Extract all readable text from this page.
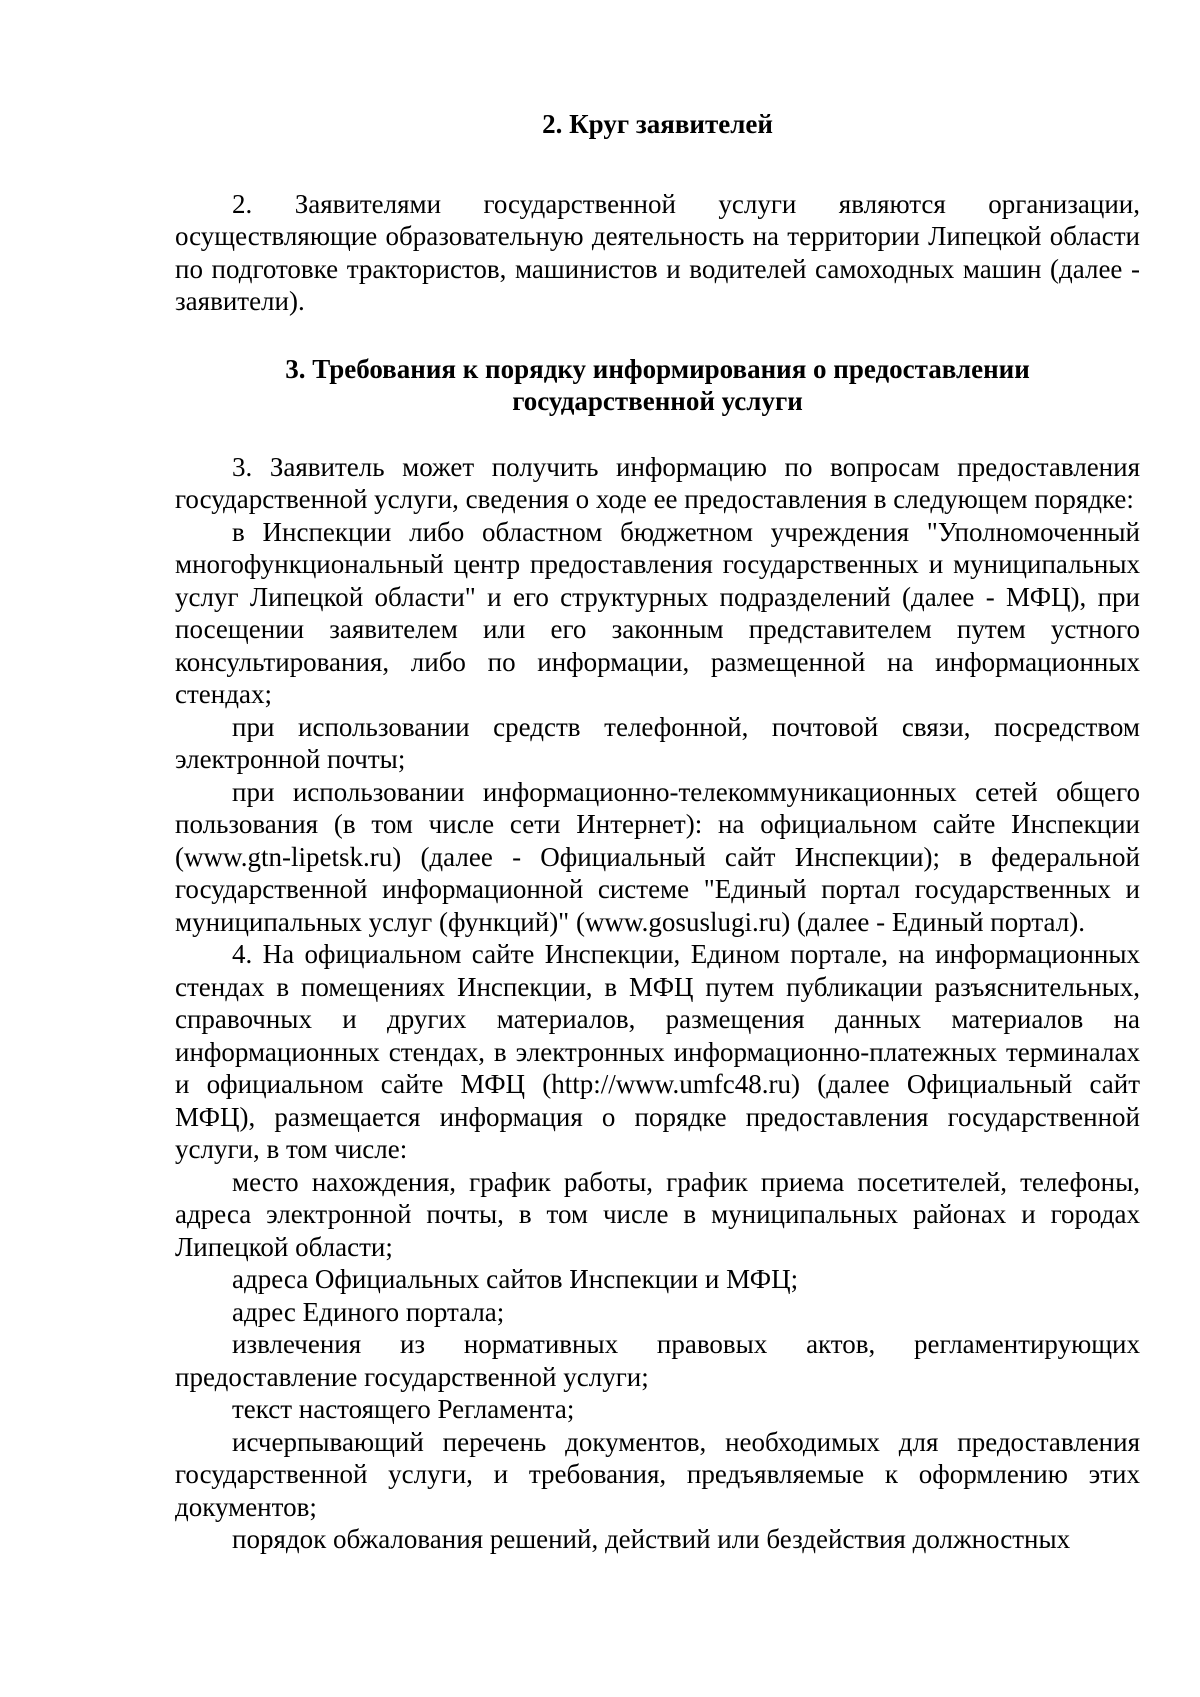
2. Круг заявителей

2. Заявителями государственной услуги являются организации, осуществляющие образовательную деятельность на территории Липецкой области по подготовке трактористов, машинистов и водителей самоходных машин (далее - заявители).

3. Требования к порядку информирования о предоставлении
государственной услуги

3. Заявитель может получить информацию по вопросам предоставления государственной услуги, сведения о ходе ее предоставления в следующем порядке:

в Инспекции либо областном бюджетном учреждения "Уполномоченный многофункциональный центр предоставления государственных и муниципальных услуг Липецкой области" и его структурных подразделений (далее - МФЦ), при посещении заявителем или его законным представителем путем устного консультирования, либо по информации, размещенной на информационных стендах;

при использовании средств телефонной, почтовой связи, посредством электронной почты;

при использовании информационно-телекоммуникационных сетей общего пользования (в том числе сети Интернет): на официальном сайте Инспекции (www.gtn-lipetsk.ru) (далее - Официальный сайт Инспекции); в федеральной государственной информационной системе "Единый портал государственных и муниципальных услуг (функций)" (www.gosuslugi.ru) (далее - Единый портал).

4. На официальном сайте Инспекции, Едином портале, на информационных стендах в помещениях Инспекции, в МФЦ путем публикации разъяснительных, справочных и других материалов, размещения данных материалов на информационных стендах, в электронных информационно-платежных терминалах и официальном сайте МФЦ (http://www.umfc48.ru) (далее Официальный сайт МФЦ), размещается информация о порядке предоставления государственной услуги, в том числе:

место нахождения, график работы, график приема посетителей, телефоны, адреса электронной почты, в том числе в муниципальных районах и городах Липецкой области;

адреса Официальных сайтов Инспекции и МФЦ;

адрес Единого портала;

извлечения из нормативных правовых актов, регламентирующих предоставление государственной услуги;

текст настоящего Регламента;

исчерпывающий перечень документов, необходимых для предоставления государственной услуги, и требования, предъявляемые к оформлению этих документов;

порядок обжалования решений, действий или бездействия должностных
